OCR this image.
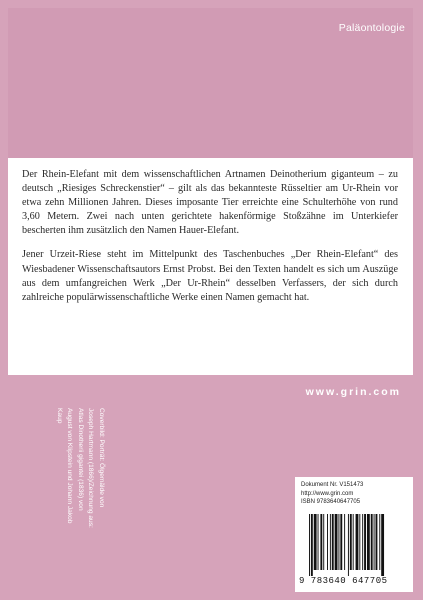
Paläontologie

Der Rhein-Elefant mit dem wissenschaftlichen Artnamen Deinotherium giganteum – zu deutsch „Riesiges Schreckenstier“ – gilt als das bekannteste Rüsseltier am Ur-Rhein vor etwa zehn Millionen Jahren. Dieses imposante Tier erreichte eine Schulterhöhe von rund 3,60 Metern. Zwei nach unten gerichtete hakenförmige Stoßzähne im Unterkiefer bescherten ihm zusätzlich den Namen Hauer-Elefant.

Jener Urzeit-Riese steht im Mittelpunkt des Taschenbuches „Der Rhein-Elefant“ des Wiesbadener Wissenschaftsautors Ernst Probst. Bei den Texten handelt es sich um Auszüge aus dem umfangreichen Werk „Der Ur-Rhein“ desselben Verfassers, der sich durch zahlreiche populärwissenschaftliche Werke einen Namen gemacht hat.

www.grin.com
Coverbild: Porträt: Ölgemälde von Joseph Hartmann (1866)/Zeichnung aus: Atlas Dinotherii gigantei (1836) von August von Klipstein und Johann Jakob Kaup
Dokument Nr. V151473
http://www.grin.com
ISBN 9783640647705
9 783640 647705
